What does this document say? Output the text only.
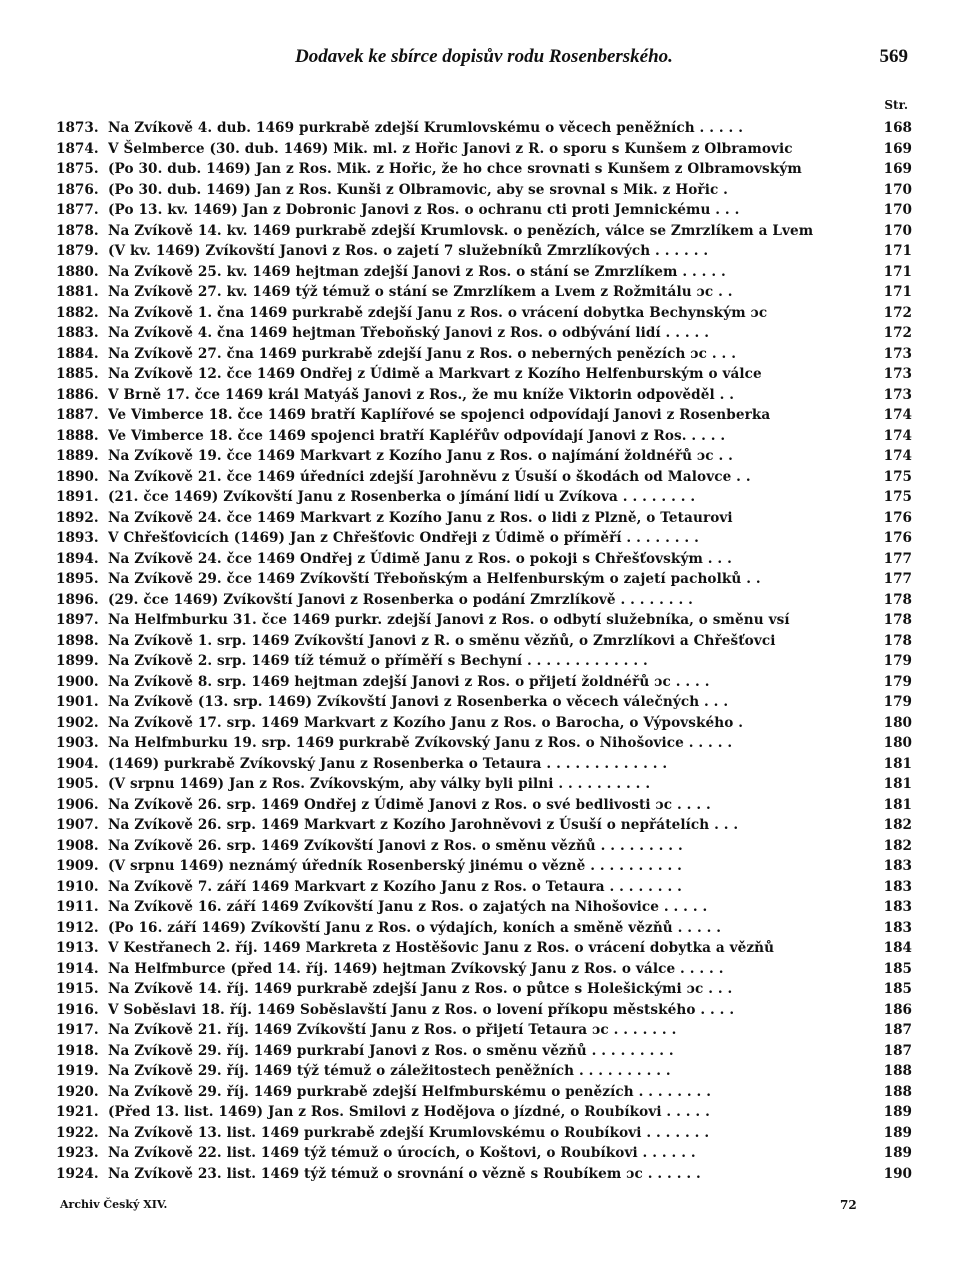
Dodavek ke sbírce dopisův rodu Rosenberského.	569
Str.
1873. Na Zvíkově 4. dub. 1469 purkrabě zdejší Krumlovskému o věcech peněžních . . . . .	168
1874. V Šelmberce (30. dub. 1469) Mik. ml. z Hořic Janovi z R. o sporu s Kunšem z Olbramovic	169
1875. (Po 30. dub. 1469) Jan z Ros. Mik. z Hořic, že ho chce srovnati s Kunšem z Olbramovským	169
1876. (Po 30. dub. 1469) Jan z Ros. Kunši z Olbramovic, aby se srovnal s Mik. z Hořic .	170
1877. (Po 13. kv. 1469) Jan z Dobronic Janovi z Ros. o ochranu cti proti Jemnickému . . .	170
1878. Na Zvíkově 14. kv. 1469 purkrabě zdejší Krumlovsk. o penězích, válce se Zmrzlíkem a Lvem	170
1879. (V kv. 1469) Zvíkovští Janovi z Ros. o zajetí 7 služebníků Zmrzlíkových . . . . . .	171
1880. Na Zvíkově 25. kv. 1469 hejtman zdejší Janovi z Ros. o stání se Zmrzlíkem . . . . .	171
1881. Na Zvíkově 27. kv. 1469 týž témuž o stání se Zmrzlíkem a Lvem z Rožmitálu ɔc . .	171
1882. Na Zvíkově 1. čna 1469 purkrabě zdejší Janu z Ros. o vrácení dobytka Bechynským ɔc	172
1883. Na Zvíkově 4. čna 1469 hejtman Třeboňský Janovi z Ros. o odbývání lidí . . . . .	172
1884. Na Zvíkově 27. čna 1469 purkrabě zdejší Janu z Ros. o neberných penězích ɔc . . .	173
1885. Na Zvíkově 12. čce 1469 Ondřej z Údimě a Markvart z Kozího Helfenburským o válce	173
1886. V Brně 17. čce 1469 král Matyáš Janovi z Ros., že mu kníže Viktorin odpověděl . .	173
1887. Ve Vimberce 18. čce 1469 bratří Kaplířové se spojenci odpovídají Janovi z Rosenberka	174
1888. Ve Vimberce 18. čce 1469 spojenci bratří Kapléřův odpovídají Janovi z Ros. . . . .	174
1889. Na Zvíkově 19. čce 1469 Markvart z Kozího Janu z Ros. o najímání žoldnéřů ɔc . .	174
1890. Na Zvíkově 21. čce 1469 úředníci zdejší Jarohněvu z Úsuší o škodách od Malovce . .	175
1891. (21. čce 1469) Zvíkovští Janu z Rosenberka o jímání lidí u Zvíkova . . . . . . . .	175
1892. Na Zvíkově 24. čce 1469 Markvart z Kozího Janu z Ros. o lidi z Plzně, o Tetaurovi	176
1893. V Chřešťovicích (1469) Jan z Chřešťovic Ondřeji z Údimě o příměří . . . . . . . .	176
1894. Na Zvíkově 24. čce 1469 Ondřej z Údimě Janu z Ros. o pokoji s Chřešťovským . . .	177
1895. Na Zvíkově 29. čce 1469 Zvíkovští Třeboňským a Helfenburským o zajetí pacholků . .	177
1896. (29. čce 1469) Zvíkovští Janovi z Rosenberka o podání Zmrzlíkově . . . . . . . .	178
1897. Na Helfmburku 31. čce 1469 purkr. zdejší Janovi z Ros. o odbytí služebníka, o směnu vsí	178
1898. Na Zvíkově 1. srp. 1469 Zvíkovští Janovi z R. o směnu vězňů, o Zmrzlíkovi a Chřešťovci	178
1899. Na Zvíkově 2. srp. 1469 tíž témuž o příměří s Bechyní . . . . . . . . . . . . .	179
1900. Na Zvíkově 8. srp. 1469 hejtman zdejší Janovi z Ros. o přijetí žoldnéřů ɔc . . . .	179
1901. Na Zvíkově (13. srp. 1469) Zvíkovští Janovi z Rosenberka o věcech válečných . . .	179
1902. Na Zvíkově 17. srp. 1469 Markvart z Kozího Janu z Ros. o Barocha, o Výpovského .	180
1903. Na Helfmburku 19. srp. 1469 purkrabě Zvíkovský Janu z Ros. o Nihošovice . . . . .	180
1904. (1469) purkrabě Zvíkovský Janu z Rosenberka o Tetaura . . . . . . . . . . . . .	181
1905. (V srpnu 1469) Jan z Ros. Zvíkovským, aby války byli pilni . . . . . . . . . .	181
1906. Na Zvíkově 26. srp. 1469 Ondřej z Údimě Janovi z Ros. o své bedlivosti ɔc . . . .	181
1907. Na Zvíkově 26. srp. 1469 Markvart z Kozího Jarohněvovi z Úsuší o nepřátelích . . .	182
1908. Na Zvíkově 26. srp. 1469 Zvíkovští Janovi z Ros. o směnu vězňů . . . . . . . . .	182
1909. (V srpnu 1469) neznámý úředník Rosenberský jinému o vězně . . . . . . . . . .	183
1910. Na Zvíkově 7. září 1469 Markvart z Kozího Janu z Ros. o Tetaura . . . . . . . .	183
1911. Na Zvíkově 16. září 1469 Zvíkovští Janu z Ros. o zajatých na Nihošovice . . . . .	183
1912. (Po 16. září 1469) Zvíkovští Janu z Ros. o výdajích, koních a směně vězňů . . . . .	183
1913. V Kestřanech 2. říj. 1469 Markreta z Hostěšovic Janu z Ros. o vrácení dobytka a vězňů	184
1914. Na Helfmburce (před 14. říj. 1469) hejtman Zvíkovský Janu z Ros. o válce . . . . .	185
1915. Na Zvíkově 14. říj. 1469 purkrabě zdejší Janu z Ros. o půtce s Holešickými ɔc . . .	185
1916. V Soběslavi 18. říj. 1469 Soběslavští Janu z Ros. o lovení příkopu městského . . . .	186
1917. Na Zvíkově 21. říj. 1469 Zvíkovští Janu z Ros. o přijetí Tetaura ɔc . . . . . . .	187
1918. Na Zvíkově 29. říj. 1469 purkrabí Janovi z Ros. o směnu vězňů . . . . . . . . .	187
1919. Na Zvíkově 29. říj. 1469 týž témuž o záležitostech peněžních . . . . . . . . . .	188
1920. Na Zvíkově 29. říj. 1469 purkrabě zdejší Helfmburskému o penězích . . . . . . . .	188
1921. (Před 13. list. 1469) Jan z Ros. Smilovi z Hodějova o jízdné, o Roubíkovi . . . . .	189
1922. Na Zvíkově 13. list. 1469 purkrabě zdejší Krumlovskému o Roubíkovi . . . . . . .	189
1923. Na Zvíkově 22. list. 1469 týž témuž o úrocích, o Koštovi, o Roubíkovi . . . . . .	189
1924. Na Zvíkově 23. list. 1469 týž témuž o srovnání o vězně s Roubíkem ɔc . . . . . .	190
Archiv Český XIV.	72
